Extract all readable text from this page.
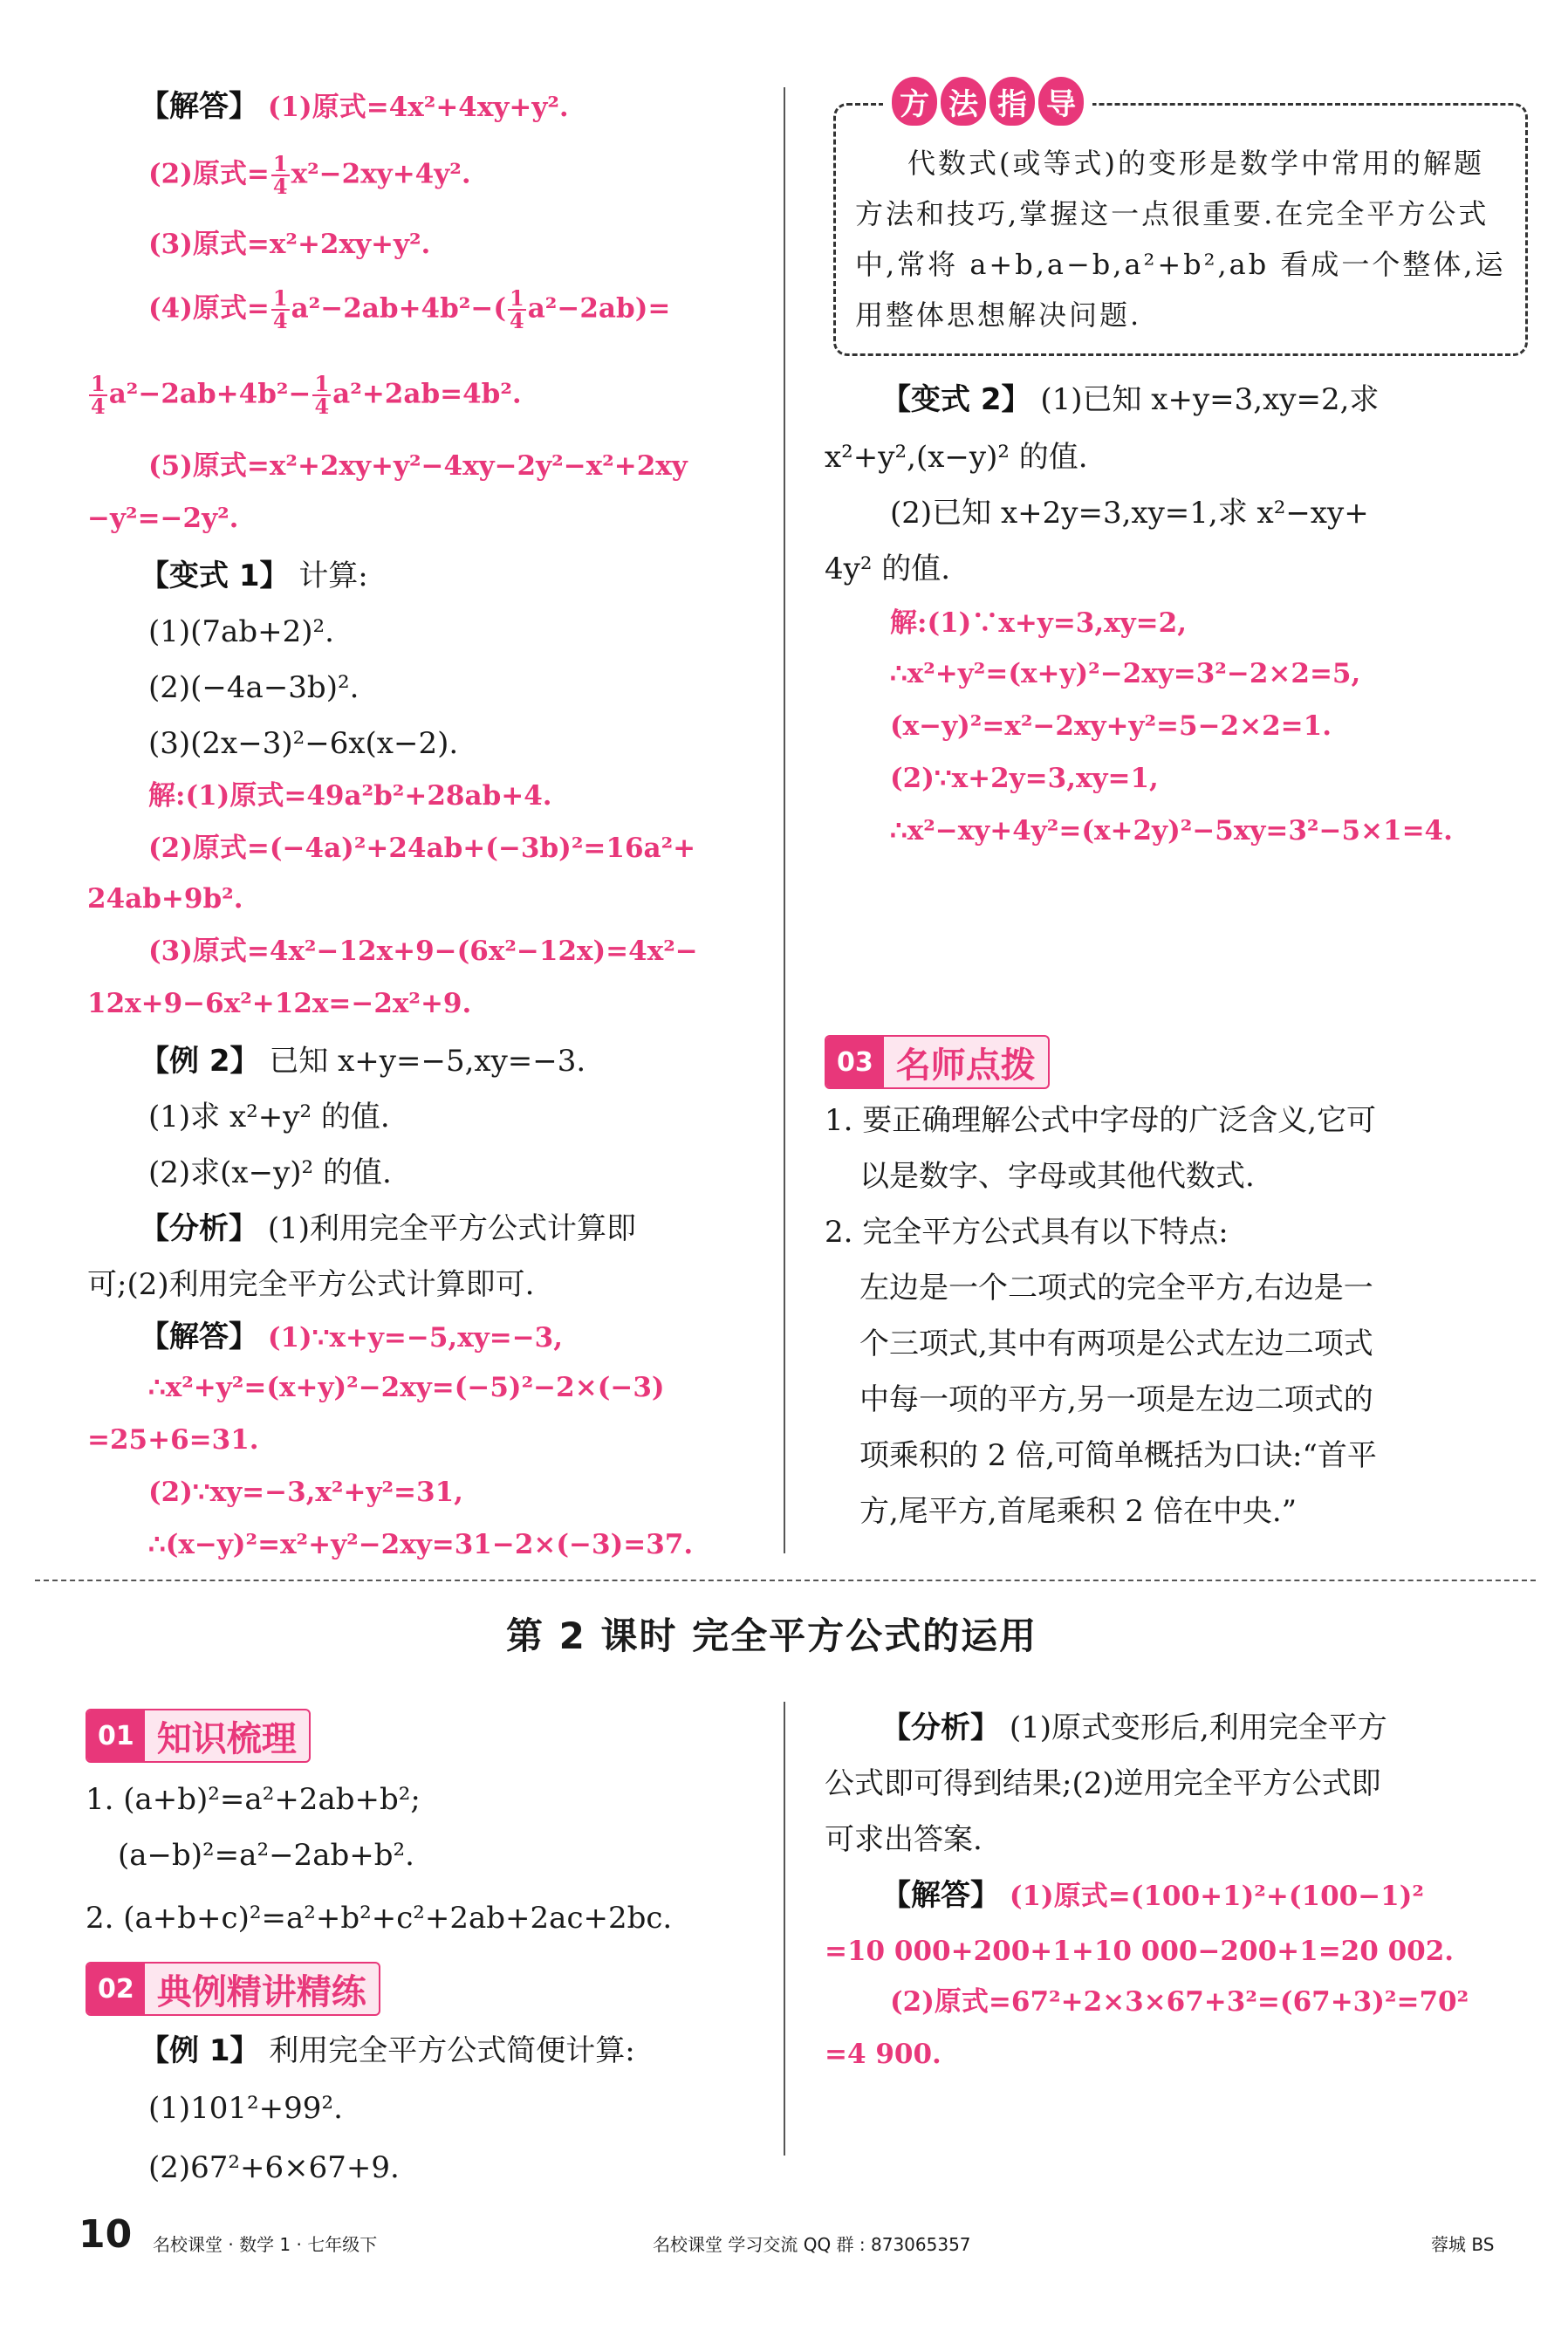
【解答】 (1)原式=4x²+4xy+y².
(2)原式= $\frac{1}{4} x^2-2xy+4y^2$.
(3)原式=x²+2xy+y².
(4)原式= $\frac{1}{4} a^2-2ab+4b^2-( \frac{1}{4} a^2-2ab)=$
$\frac{1}{4} a^2-2ab+4b^2- \frac{1}{4} a^2+2ab=4b^2$.
(5)原式=x²+2xy+y²−4xy−2y²−x²+2xy
−y²=−2y².
【变式 1】 计算:
(1)(7ab+2)².
(2)(−4a−3b)².
(3)(2x−3)²−6x(x−2).
解:(1)原式=49a²b²+28ab+4.
(2)原式=(−4a)²+24ab+(−3b)²=16a²+
24ab+9b².
(3)原式=4x²−12x+9−(6x²−12x)=4x²−
12x+9−6x²+12x=−2x²+9.
【例 2】 已知 x+y=−5,xy=−3.
(1)求 x²+y² 的值.
(2)求(x−y)² 的值.
【分析】 (1)利用完全平方公式计算即
可;(2)利用完全平方公式计算即可.
【解答】 (1)∵x+y=−5,xy=−3,
∴x²+y²=(x+y)²−2xy=(−5)²−2×(−3)
=25+6=31.
(2)∵xy=−3,x²+y²=31,
∴(x−y)²=x²+y²−2xy=31−2×(−3)=37.
方 法 指 导
代数式(或等式)的变形是数学中常用的解题
方法和技巧,掌握这一点很重要.在完全平方公式
中,常将 a+b,a−b,a²+b²,ab 看成一个整体,运
用整体思想解决问题.
【变式 2】 (1)已知 x+y=3,xy=2,求
x²+y²,(x−y)² 的值.
(2)已知 x+2y=3,xy=1,求 x²−xy+
4y² 的值.
解:(1)∵x+y=3,xy=2,
∴x²+y²=(x+y)²−2xy=3²−2×2=5,
(x−y)²=x²−2xy+y²=5−2×2=1.
(2)∵x+2y=3,xy=1,
∴x²−xy+4y²=(x+2y)²−5xy=3²−5×1=4.
03 名师点拨
1. 要正确理解公式中字母的广泛含义,它可
以是数字、字母或其他代数式.
2. 完全平方公式具有以下特点:
左边是一个二项式的完全平方,右边是一
个三项式,其中有两项是公式左边二项式
中每一项的平方,另一项是左边二项式的
项乘积的 2 倍,可简单概括为口诀:“首平
方,尾平方,首尾乘积 2 倍在中央.”
第 2 课时 完全平方公式的运用
01 知识梳理
1. (a+b)²=a²+2ab+b²;
(a−b)²=a²−2ab+b².
2. (a+b+c)²=a²+b²+c²+2ab+2ac+2bc.
02 典例精讲精练
【例 1】 利用完全平方公式简便计算:
(1)101²+99².
(2)67²+6×67+9.
【分析】 (1)原式变形后,利用完全平方
公式即可得到结果;(2)逆用完全平方公式即
可求出答案.
【解答】 (1)原式=(100+1)²+(100−1)²
=10 000+200+1+10 000−200+1=20 002.
(2)原式=67²+2×3×67+3²=(67+3)²=70²
=4 900.
10 名校课堂 · 数学 1 · 七年级下	名校课堂 学习交流 QQ 群 : 873065357	蓉城 BS
